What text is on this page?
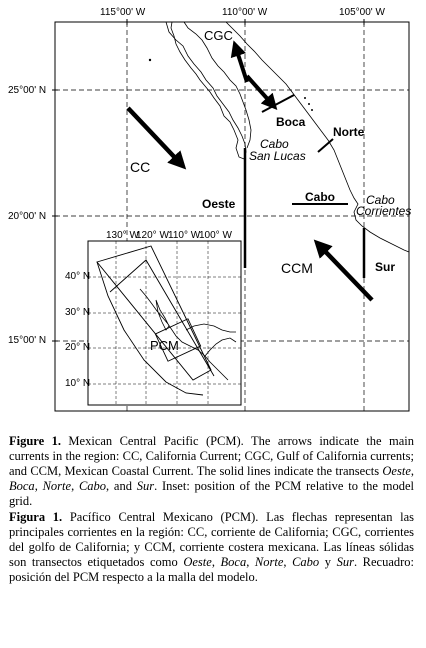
115°00' W	110°00' W	105°00' W
25°00' N
20°00' N
15°00' N
CGC
Boca
Norte
CC
Cabo
San Lucas
Oeste	Cabo	Cabo
Corrientes
CCM	Sur
130° W
120° W 110° W
100° W
40° N
30° N
20° N
10° N
PCM

Figure 1. Mexican Central Pacific (PCM). The arrows indicate the main currents in the region: CC, California Current; CGC, Gulf of California currents; and CCM, Mexican Coastal Current. The solid lines indicate the transects Oeste, Boca, Norte, Cabo, and Sur. Inset: position of the PCM relative to the model grid.

Figura 1. Pacífico Central Mexicano (PCM). Las flechas representan las principales corrientes en la región: CC, corriente de California; CGC, corrientes del golfo de California; y CCM, corriente costera mexicana. Las líneas sólidas son transectos etiquetados como Oeste, Boca, Norte, Cabo y Sur. Recuadro: posición del PCM respecto a la malla del modelo.
